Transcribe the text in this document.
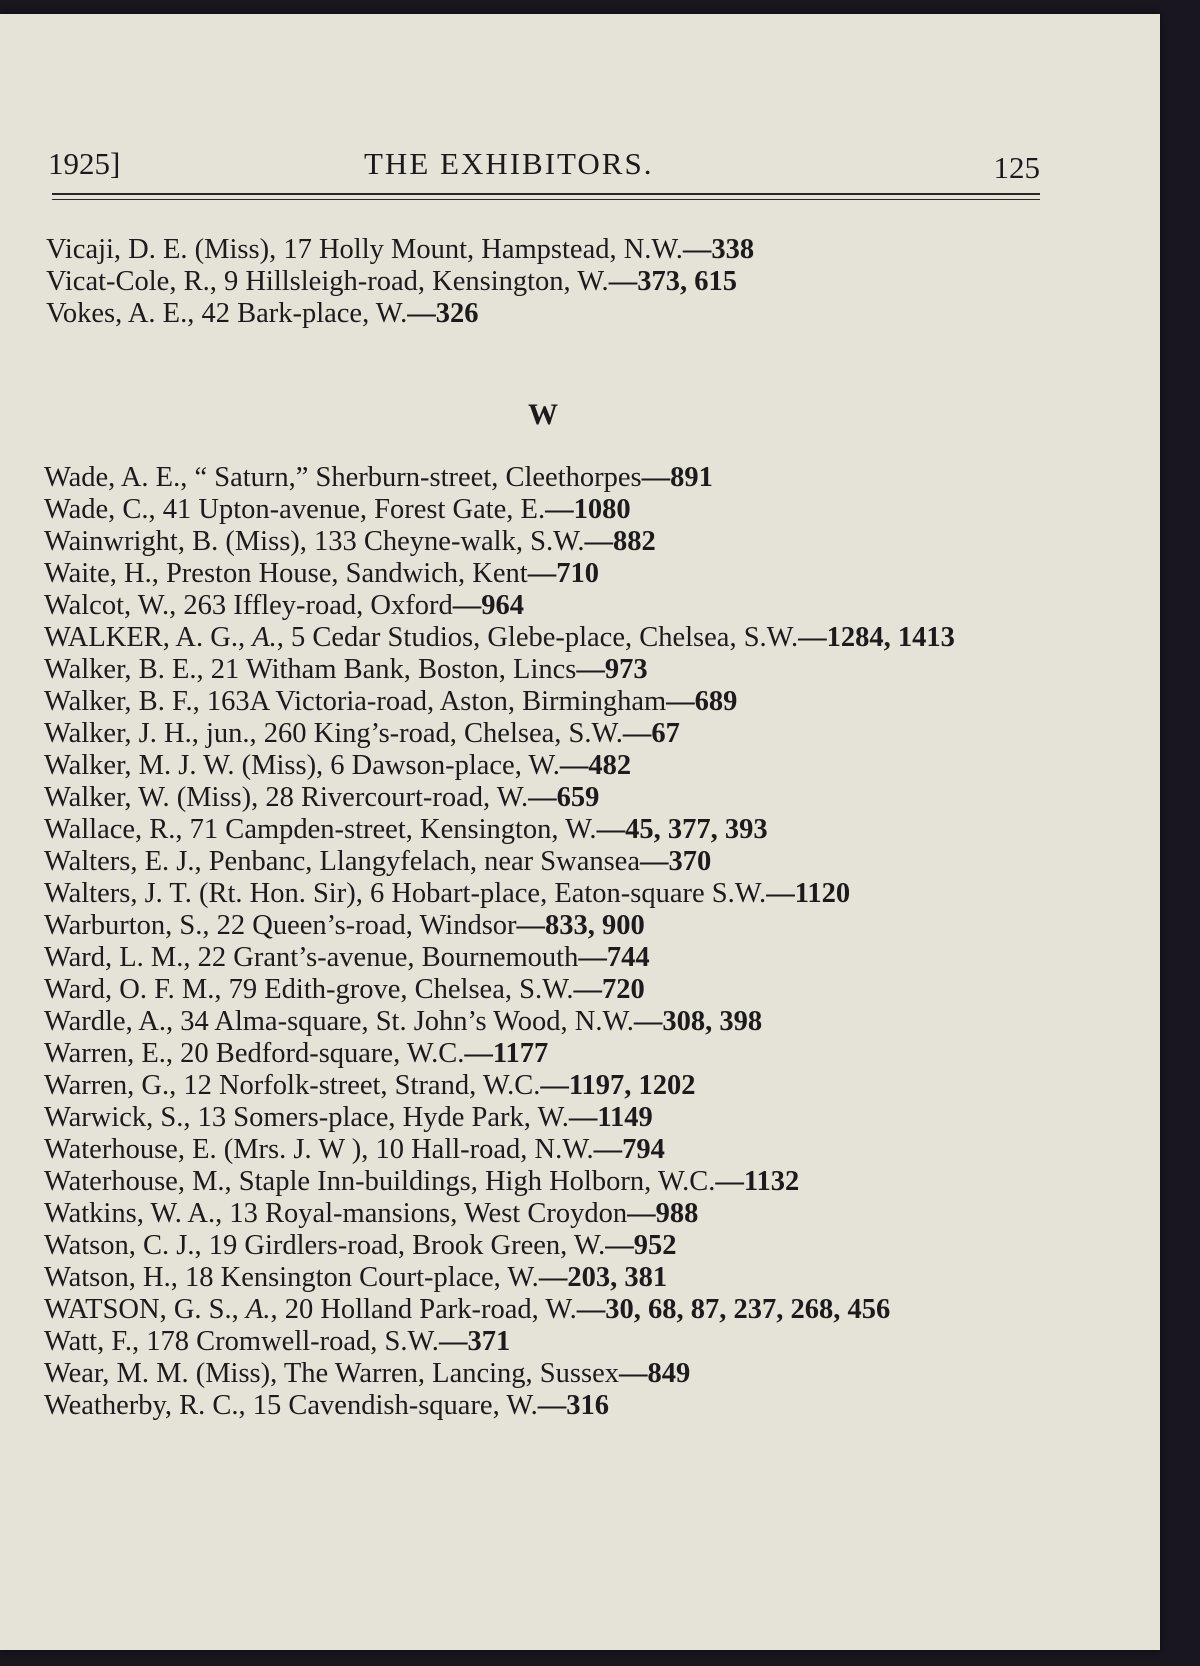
1925]	THE EXHIBITORS.	125
Vicaji, D. E. (Miss), 17 Holly Mount, Hampstead, N.W.—338
Vicat-Cole, R., 9 Hillsleigh-road, Kensington, W.—373, 615
Vokes, A. E., 42 Bark-place, W.—326
W
Wade, A. E., “ Saturn,” Sherburn-street, Cleethorpes—891
Wade, C., 41 Upton-avenue, Forest Gate, E.—1080
Wainwright, B. (Miss), 133 Cheyne-walk, S.W.—882
Waite, H., Preston House, Sandwich, Kent—710
Walcot, W., 263 Iffley-road, Oxford—964
WALKER, A. G., A., 5 Cedar Studios, Glebe-place, Chelsea, S.W.—1284, 1413
Walker, B. E., 21 Witham Bank, Boston, Lincs—973
Walker, B. F., 163A Victoria-road, Aston, Birmingham—689
Walker, J. H., jun., 260 King’s-road, Chelsea, S.W.—67
Walker, M. J. W. (Miss), 6 Dawson-place, W.—482
Walker, W. (Miss), 28 Rivercourt-road, W.—659
Wallace, R., 71 Campden-street, Kensington, W.—45, 377, 393
Walters, E. J., Penbanc, Llangyfelach, near Swansea—370
Walters, J. T. (Rt. Hon. Sir), 6 Hobart-place, Eaton-square S.W.—1120
Warburton, S., 22 Queen’s-road, Windsor—833, 900
Ward, L. M., 22 Grant’s-avenue, Bournemouth—744
Ward, O. F. M., 79 Edith-grove, Chelsea, S.W.—720
Wardle, A., 34 Alma-square, St. John’s Wood, N.W.—308, 398
Warren, E., 20 Bedford-square, W.C.—1177
Warren, G., 12 Norfolk-street, Strand, W.C.—1197, 1202
Warwick, S., 13 Somers-place, Hyde Park, W.—1149
Waterhouse, E. (Mrs. J. W ), 10 Hall-road, N.W.—794
Waterhouse, M., Staple Inn-buildings, High Holborn, W.C.—1132
Watkins, W. A., 13 Royal-mansions, West Croydon—988
Watson, C. J., 19 Girdlers-road, Brook Green, W.—952
Watson, H., 18 Kensington Court-place, W.—203, 381
WATSON, G. S., A., 20 Holland Park-road, W.—30, 68, 87, 237, 268, 456
Watt, F., 178 Cromwell-road, S.W.—371
Wear, M. M. (Miss), The Warren, Lancing, Sussex—849
Weatherby, R. C., 15 Cavendish-square, W.—316
